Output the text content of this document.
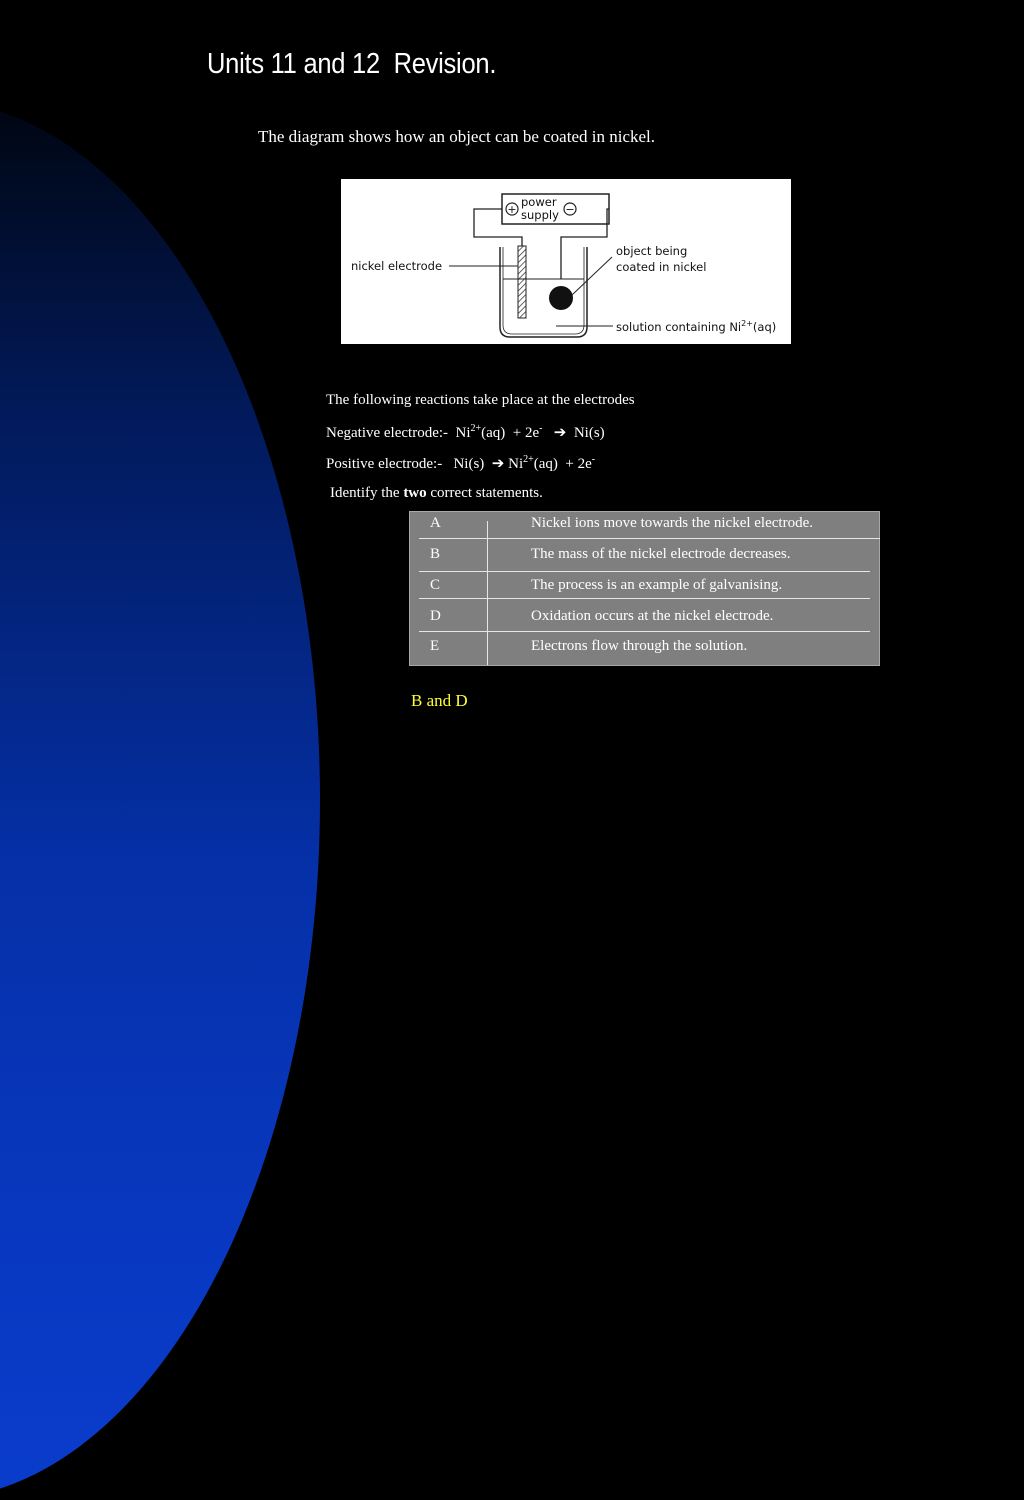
Units 11 and 12  Revision.
The diagram shows how an object can be coated in nickel.
+	−
power
supply
nickel electrode
object being
coated in nickel
solution containing $Ni^{2+}(aq)$
The following reactions take place at the electrodes
Negative electrode:-  $Ni^{2+}(aq) + 2e^-$ ➔ Ni(s)
Positive electrode:-   Ni(s)  ➔ $Ni^{2+}(aq) + 2e^-$
Identify the two correct statements.
A	Nickel ions move towards the nickel electrode.
B	The mass of the nickel electrode decreases.
C	The process is an example of galvanising.
D	Oxidation occurs at the nickel electrode.
E	Electrons flow through the solution.
B and D
